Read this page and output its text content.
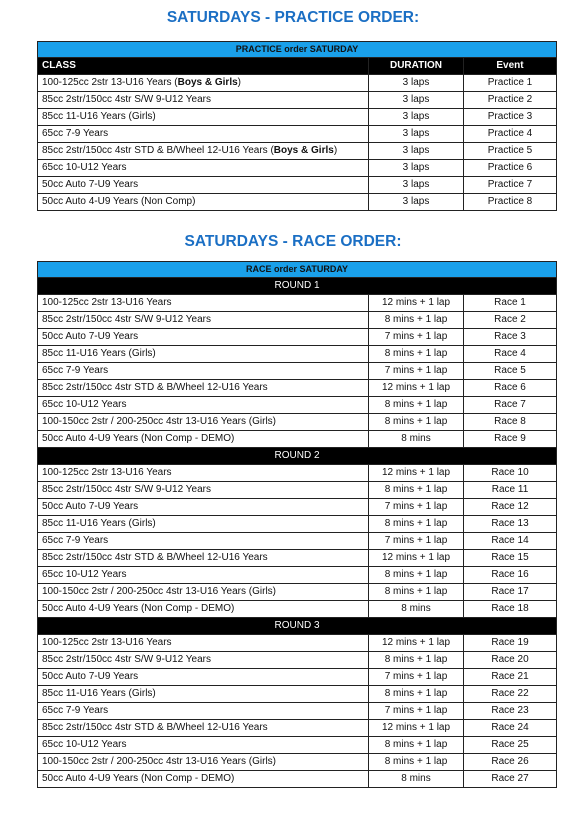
SATURDAYS - PRACTICE ORDER:
PRACTICE order SATURDAY		
CLASS	DURATION	Event
100-125cc 2str 13-U16 Years (Boys & Girls)	3 laps	Practice 1
85cc 2str/150cc 4str S/W 9-U12 Years	3 laps	Practice 2
85cc 11-U16 Years (Girls)	3 laps	Practice 3
65cc 7-9 Years	3 laps	Practice 4
85cc 2str/150cc 4str STD & B/Wheel 12-U16 Years (Boys & Girls)	3 laps	Practice 5
65cc 10-U12 Years	3 laps	Practice 6
50cc Auto 7-U9 Years	3 laps	Practice 7
50cc Auto 4-U9 Years (Non Comp)	3 laps	Practice 8
SATURDAYS - RACE ORDER:
RACE order SATURDAY		
ROUND 1		
100-125cc 2str 13-U16 Years	12 mins + 1 lap	Race 1
85cc 2str/150cc 4str S/W 9-U12 Years	8 mins + 1 lap	Race 2
50cc Auto 7-U9 Years	7 mins + 1 lap	Race 3
85cc 11-U16 Years (Girls)	8 mins + 1 lap	Race 4
65cc 7-9 Years	7 mins + 1 lap	Race 5
85cc 2str/150cc 4str STD & B/Wheel 12-U16 Years	12 mins + 1 lap	Race 6
65cc 10-U12 Years	8 mins + 1 lap	Race 7
100-150cc 2str / 200-250cc 4str 13-U16 Years (Girls)	8 mins + 1 lap	Race 8
50cc Auto 4-U9 Years (Non Comp - DEMO)	8 mins	Race 9
ROUND 2		
100-125cc 2str 13-U16 Years	12 mins + 1 lap	Race 10
85cc 2str/150cc 4str S/W 9-U12 Years	8 mins + 1 lap	Race 11
50cc Auto 7-U9 Years	7 mins + 1 lap	Race 12
85cc 11-U16 Years (Girls)	8 mins + 1 lap	Race 13
65cc 7-9 Years	7 mins + 1 lap	Race 14
85cc 2str/150cc 4str STD & B/Wheel 12-U16 Years	12 mins + 1 lap	Race 15
65cc 10-U12 Years	8 mins + 1 lap	Race 16
100-150cc 2str / 200-250cc 4str 13-U16 Years (Girls)	8 mins + 1 lap	Race 17
50cc Auto 4-U9 Years (Non Comp - DEMO)	8 mins	Race 18
ROUND 3		
100-125cc 2str 13-U16 Years	12 mins + 1 lap	Race 19
85cc 2str/150cc 4str S/W 9-U12 Years	8 mins + 1 lap	Race 20
50cc Auto 7-U9 Years	7 mins + 1 lap	Race 21
85cc 11-U16 Years (Girls)	8 mins + 1 lap	Race 22
65cc 7-9 Years	7 mins + 1 lap	Race 23
85cc 2str/150cc 4str STD & B/Wheel 12-U16 Years	12 mins + 1 lap	Race 24
65cc 10-U12 Years	8 mins + 1 lap	Race 25
100-150cc 2str / 200-250cc 4str 13-U16 Years (Girls)	8 mins + 1 lap	Race 26
50cc Auto 4-U9 Years (Non Comp - DEMO)	8 mins	Race 27
